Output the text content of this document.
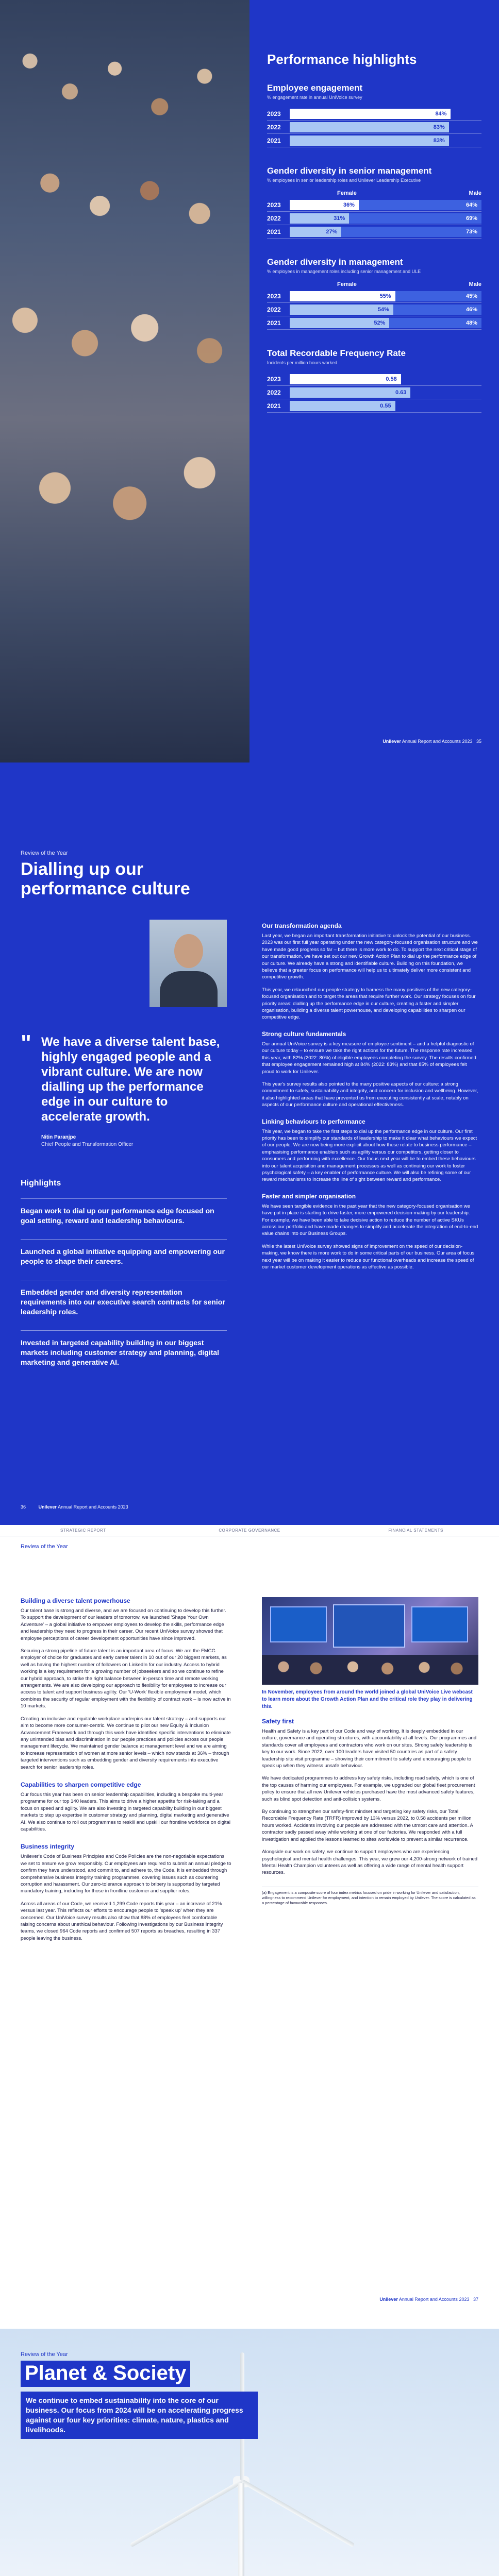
Performance highlights
Employee engagement
% engagement rate in annual UniVoice survey
2023	84%
2022	83%
2021	83%
Gender diversity in senior management
% employees in senior leadership roles and Unilever Leadership Executive
Female	Male
2023	36%	64%
2022	31%	69%
2021	27%	73%
Gender diversity in management
% employees in management roles including senior management and ULE
Female	Male
2023	55%	45%
2022	54%	46%
2021	52%	48%
Total Recordable Frequency Rate
Incidents per million hours worked
2023	0.58
2022	0.63
2021	0.55
Unilever Annual Report and Accounts 2023 35
Review of the Year
Dialling up our performance culture
" We have a diverse talent base, highly engaged people and a vibrant culture. We are now dialling up the performance edge in our culture to accelerate growth.
Nitin Paranjpe
Chief People and Transformation Officer
Highlights
Began work to dial up our performance edge focused on goal setting, reward and leadership behaviours.
Launched a global initiative equipping and empowering our people to shape their careers.
Embedded gender and diversity representation requirements into our executive search contracts for senior leadership roles.
Invested in targeted capability building in our biggest markets including customer strategy and planning, digital marketing and generative AI.
36	Unilever Annual Report and Accounts 2023
Our transformation agenda

Last year, we began an important transformation initiative to unlock the potential of our business. 2023 was our first full year operating under the new category-focused organisation structure and we have made good progress so far – but there is more work to do. To support the next critical stage of our transformation, we have set out our new Growth Action Plan to dial up the performance edge of our culture. We already have a strong and identifiable culture. Building on this foundation, we believe that a greater focus on performance will help us to ultimately deliver more consistent and competitive growth.

This year, we relaunched our people strategy to harness the many positives of the new category-focused organisation and to target the areas that require further work. Our strategy focuses on four priority areas: dialling up the performance edge in our culture, creating a faster and simpler organisation, building a diverse talent powerhouse, and developing capabilities to sharpen our competitive edge.

Strong culture fundamentals

Our annual UniVoice survey is a key measure of employee sentiment – and a helpful diagnostic of our culture today – to ensure we take the right actions for the future. The response rate increased this year, with 82% (2022: 80%) of eligible employees completing the survey. The results confirmed that employee engagement remained high at 84% (2022: 83%) and that 85% of employees felt proud to work for Unilever.

This year's survey results also pointed to the many positive aspects of our culture: a strong commitment to safety, sustainability and integrity, and concern for inclusion and wellbeing. However, it also highlighted areas that have prevented us from executing consistently at scale, notably on aspects of our performance culture and operational effectiveness.

Linking behaviours to performance

This year, we began to take the first steps to dial up the performance edge in our culture. Our first priority has been to simplify our standards of leadership to make it clear what behaviours we expect of our people. We are now being more explicit about how these relate to business performance – emphasising performance enablers such as agility versus our competitors, getting closer to consumers and performing with excellence. Our focus next year will be to embed these behaviours into our talent acquisition and management processes as well as continuing our work to foster psychological safety – a key enabler of performance culture. We will also be refining some of our reward mechanisms to increase the line of sight between reward and performance.

Faster and simpler organisation

We have seen tangible evidence in the past year that the new category-focused organisation we have put in place is starting to drive faster, more empowered decision-making by our leadership. For example, we have been able to take decisive action to reduce the number of active SKUs across our portfolio and have made changes to simplify and accelerate the integration of end-to-end value chains into our Business Groups.

While the latest UniVoice survey showed signs of improvement on the speed of our decision-making, we know there is more work to do in some critical parts of our business. Our area of focus next year will be on making it easier to reduce our functional overheads and increase the speed of our market customer development operations as effective as possible.

STRATEGIC REPORT	CORPORATE GOVERNANCE	FINANCIAL STATEMENTS
Review of the Year
Building a diverse talent powerhouse

Our talent base is strong and diverse, and we are focused on continuing to develop this further. To support the development of our leaders of tomorrow, we launched 'Shape Your Own Adventure' – a global initiative to empower employees to develop the skills, performance edge and leadership they need to progress in their career. Our recent UniVoice survey showed that employee perceptions of career development opportunities have since improved.

Securing a strong pipeline of future talent is an important area of focus. We are the FMCG employer of choice for graduates and early career talent in 10 out of our 20 biggest markets, as well as having the highest number of followers on LinkedIn for our industry. Access to hybrid working is a key requirement for a growing number of jobseekers and so we continue to refine our hybrid approach, to strike the right balance between in-person time and remote working arrangements. We are also developing our approach to flexibility for employees to increase our access to talent and support business agility. Our 'U-Work' flexible employment model, which combines the security of regular employment with the flexibility of contract work – is now active in 10 markets.

Creating an inclusive and equitable workplace underpins our talent strategy – and supports our aim to become more consumer-centric. We continue to pilot our new Equity & Inclusion Advancement Framework and through this work have identified specific interventions to eliminate any unintended bias and discrimination in our people practices and policies across our people management lifecycle. We maintained gender balance at management level and we are aiming to increase representation of women at more senior levels – which now stands at 36% – through targeted interventions such as embedding gender and diversity requirements into executive search for senior leadership roles.

Capabilities to sharpen competitive edge

Our focus this year has been on senior leadership capabilities, including a bespoke multi-year programme for our top 140 leaders. This aims to drive a higher appetite for risk-taking and a focus on speed and agility. We are also investing in targeted capability building in our biggest markets to step up expertise in customer strategy and planning, digital marketing and generative AI. We also continue to roll out programmes to reskill and upskill our frontline workforce on digital capabilities.

Business integrity

Unilever's Code of Business Principles and Code Policies are the non-negotiable expectations we set to ensure we grow responsibly. Our employees are required to submit an annual pledge to confirm they have understood, and commit to, and adhere to, the Code. It is embedded through comprehensive business integrity training programmes, covering issues such as countering corruption and harassment. Our zero-tolerance approach to bribery is supported by targeted mandatory training, including for those in frontline customer and supplier roles.

Across all areas of our Code, we received 1,299 Code reports this year – an increase of 21% versus last year. This reflects our efforts to encourage people to 'speak up' when they are concerned. Our UniVoice survey results also show that 88% of employees feel comfortable raising concerns about unethical behaviour. Following investigations by our Business Integrity teams, we closed 964 Code reports and confirmed 507 reports as breaches, resulting in 337 people leaving the business.

In November, employees from around the world joined a global UniVoice Live webcast to learn more about the Growth Action Plan and the critical role they play in delivering this.
Safety first

Health and Safety is a key part of our Code and way of working. It is deeply embedded in our culture, governance and operating structures, with accountability at all levels. Our programmes and standards cover all employees and contractors who work on our sites. Strong safety leadership is key to our work. Since 2022, over 100 leaders have visited 50 countries as part of a safety leadership site visit programme – showing their commitment to safety and encouraging people to speak up when they witness unsafe behaviour.

We have dedicated programmes to address key safety risks, including road safety, which is one of the top causes of harming our employees. For example, we upgraded our global fleet procurement policy to ensure that all new Unilever vehicles purchased have the most advanced safety features, such as blind spot detection and anti-collision systems.

By continuing to strengthen our safety-first mindset and targeting key safety risks, our Total Recordable Frequency Rate (TRFR) improved by 13% versus 2022, to 0.58 accidents per million hours worked. Accidents involving our people are addressed with the utmost care and attention. A contractor sadly passed away while working at one of our factories. We responded with a full investigation and applied the lessons learned to sites worldwide to prevent a similar recurrence.

Alongside our work on safety, we continue to support employees who are experiencing psychological and mental health challenges. This year, we grew our 4,200-strong network of trained Mental Health Champion volunteers as well as offering a wide range of mental health support resources.

(a) Engagement is a composite score of four index metrics focused on pride in working for Unilever and satisfaction, willingness to recommend Unilever for employment, and intention to remain employed by Unilever. The score is calculated as a percentage of favourable responses.
Unilever Annual Report and Accounts 2023 37
Review of the Year
Planet & Society
We continue to embed sustainability into the core of our business. Our focus from 2024 will be on accelerating progress against our four key priorities: climate, nature, plastics and livelihoods.
